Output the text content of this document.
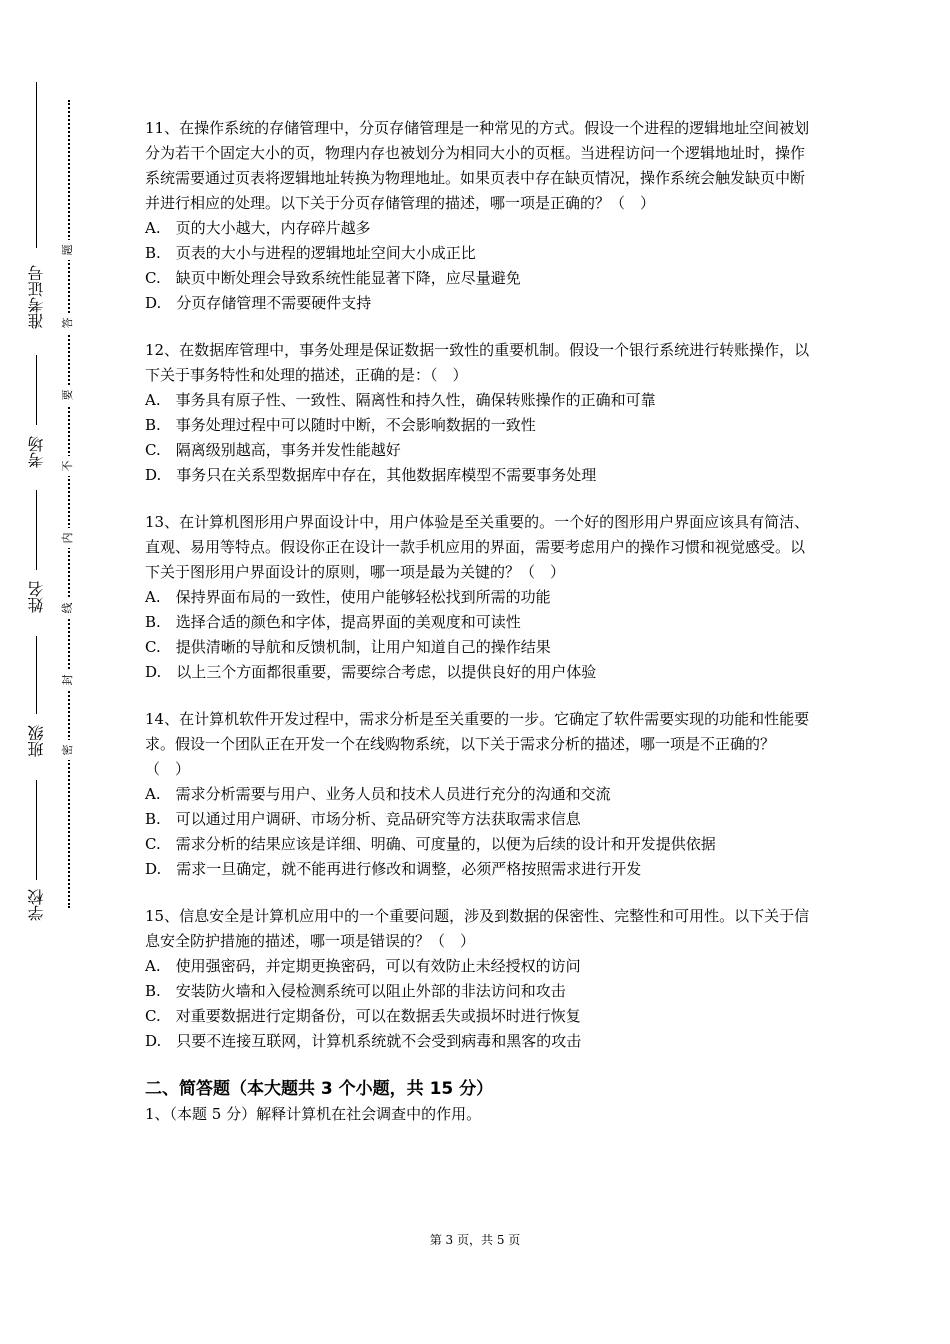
准考证号
考场
姓名
班级
学校
题
答
要
不
内
线
封
密

11、在操作系统的存储管理中，分页存储管理是一种常见的方式。假设一个进程的逻辑地址空间被划分为若干个固定大小的页，物理内存也被划分为相同大小的页框。当进程访问一个逻辑地址时，操作系统需要通过页表将逻辑地址转换为物理地址。如果页表中存在缺页情况，操作系统会触发缺页中断并进行相应的处理。以下关于分页存储管理的描述，哪一项是正确的？（　）

A.　页的大小越大，内存碎片越多
B.　页表的大小与进程的逻辑地址空间大小成正比
C.　缺页中断处理会导致系统性能显著下降，应尽量避免
D.　分页存储管理不需要硬件支持

12、在数据库管理中，事务处理是保证数据一致性的重要机制。假设一个银行系统进行转账操作，以下关于事务特性和处理的描述，正确的是：（　）

A.　事务具有原子性、一致性、隔离性和持久性，确保转账操作的正确和可靠
B.　事务处理过程中可以随时中断，不会影响数据的一致性
C.　隔离级别越高，事务并发性能越好
D.　事务只在关系型数据库中存在，其他数据库模型不需要事务处理

13、在计算机图形用户界面设计中，用户体验是至关重要的。一个好的图形用户界面应该具有简洁、直观、易用等特点。假设你正在设计一款手机应用的界面，需要考虑用户的操作习惯和视觉感受。以下关于图形用户界面设计的原则，哪一项是最为关键的？（　）

A.　保持界面布局的一致性，使用户能够轻松找到所需的功能
B.　选择合适的颜色和字体，提高界面的美观度和可读性
C.　提供清晰的导航和反馈机制，让用户知道自己的操作结果
D.　以上三个方面都很重要，需要综合考虑，以提供良好的用户体验

14、在计算机软件开发过程中，需求分析是至关重要的一步。它确定了软件需要实现的功能和性能要求。假设一个团队正在开发一个在线购物系统，以下关于需求分析的描述，哪一项是不正确的？（　）

A.　需求分析需要与用户、业务人员和技术人员进行充分的沟通和交流
B.　可以通过用户调研、市场分析、竞品研究等方法获取需求信息
C.　需求分析的结果应该是详细、明确、可度量的，以便为后续的设计和开发提供依据
D.　需求一旦确定，就不能再进行修改和调整，必须严格按照需求进行开发

15、信息安全是计算机应用中的一个重要问题，涉及到数据的保密性、完整性和可用性。以下关于信息安全防护措施的描述，哪一项是错误的？（　）

A.　使用强密码，并定期更换密码，可以有效防止未经授权的访问
B.　安装防火墙和入侵检测系统可以阻止外部的非法访问和攻击
C.　对重要数据进行定期备份，可以在数据丢失或损坏时进行恢复
D.　只要不连接互联网，计算机系统就不会受到病毒和黑客的攻击
二、简答题（本大题共 3 个小题，共 15 分）

1、（本题 5 分）解释计算机在社会调查中的作用。

第 3 页，共 5 页
